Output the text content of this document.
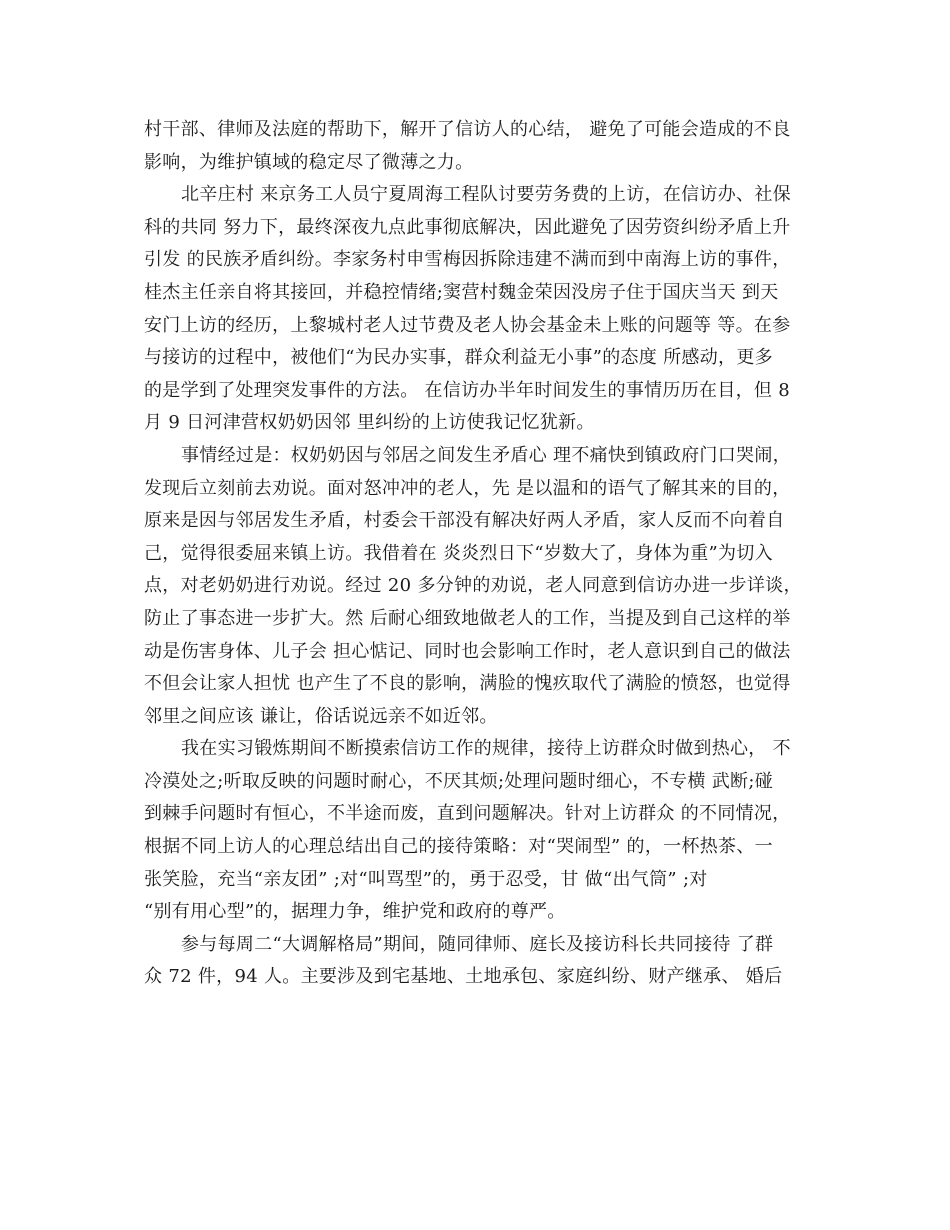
村干部、律师及法庭的帮助下，解开了信访人的心结， 避免了可能会造成的不良
影响，为维护镇域的稳定尽了微薄之力。
北辛庄村 来京务工人员宁夏周海工程队讨要劳务费的上访，在信访办、社保
科的共同 努力下，最终深夜九点此事彻底解决，因此避免了因劳资纠纷矛盾上升
引发 的民族矛盾纠纷。李家务村申雪梅因拆除违建不满而到中南海上访的事件，
桂杰主任亲自将其接回，并稳控情绪;窦营村魏金荣因没房子住于国庆当天 到天
安门上访的经历，上黎城村老人过节费及老人协会基金未上账的问题等 等。在参
与接访的过程中，被他们“为民办实事，群众利益无小事”的态度 所感动，更多
的是学到了处理突发事件的方法。 在信访办半年时间发生的事情历历在目，但 8
月 9 日河津营权奶奶因邻 里纠纷的上访使我记忆犹新。
事情经过是：权奶奶因与邻居之间发生矛盾心 理不痛快到镇政府门口哭闹，
发现后立刻前去劝说。面对怒冲冲的老人，先 是以温和的语气了解其来的目的，
原来是因与邻居发生矛盾，村委会干部没有解决好两人矛盾，家人反而不向着自
己，觉得很委屈来镇上访。我借着在 炎炎烈日下“岁数大了，身体为重”为切入
点，对老奶奶进行劝说。经过 20 多分钟的劝说，老人同意到信访办进一步详谈，
防止了事态进一步扩大。然 后耐心细致地做老人的工作，当提及到自己这样的举
动是伤害身体、儿子会 担心惦记、同时也会影响工作时，老人意识到自己的做法
不但会让家人担忧 也产生了不良的影响，满脸的愧疚取代了满脸的愤怒，也觉得
邻里之间应该 谦让，俗话说远亲不如近邻。
我在实习锻炼期间不断摸索信访工作的规律，接待上访群众时做到热心， 不
冷漠处之;听取反映的问题时耐心，不厌其烦;处理问题时细心，不专横 武断;碰
到棘手问题时有恒心，不半途而废，直到问题解决。针对上访群众 的不同情况，
根据不同上访人的心理总结出自己的接待策略：对“哭闹型” 的，一杯热茶、一
张笑脸，充当“亲友团” ;对“叫骂型”的，勇于忍受，甘 做“出气筒” ;对
“别有用心型”的，据理力争，维护党和政府的尊严。
参与每周二“大调解格局”期间，随同律师、庭长及接访科长共同接待 了群
众 72 件，94 人。主要涉及到宅基地、土地承包、家庭纠纷、财产继承、 婚后
